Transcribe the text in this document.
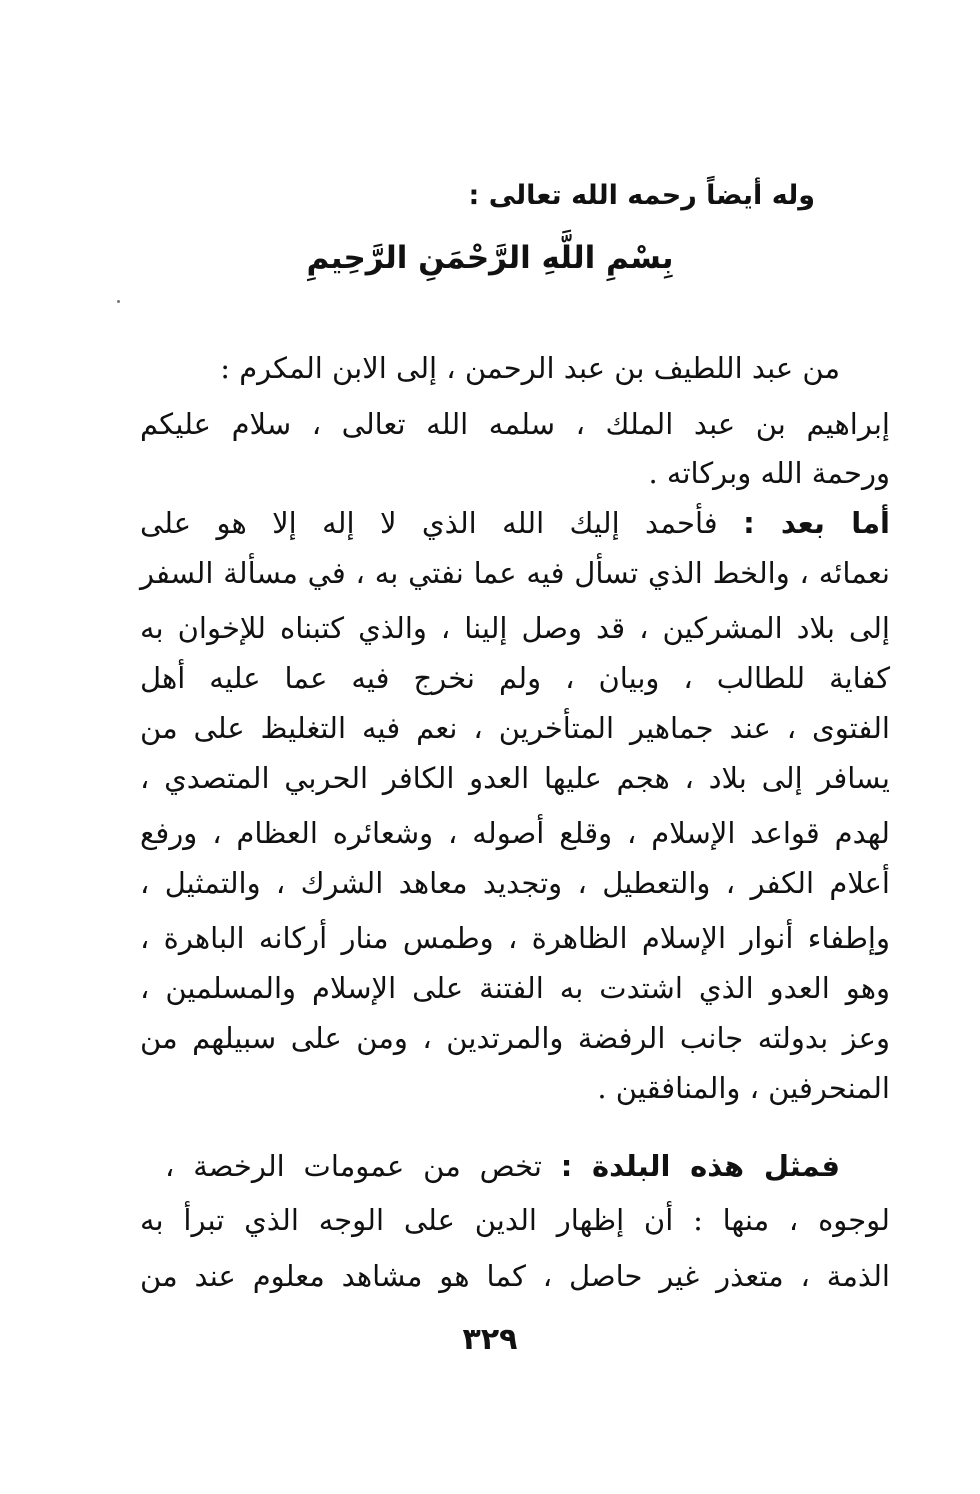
وله أيضاً رحمه الله تعالى :
بِسْمِ اللَّهِ الرَّحْمَنِ الرَّحِيمِ
من عبد اللطيف بن عبد الرحمن ، إلى الابن المكرم :
إبراهيم بن عبد الملك ، سلمه الله تعالى ، سلام عليكم
ورحمة الله وبركاته .
أما بعد : فأحمد إليك الله الذي لا إله إلا هو على
نعمائه ، والخط الذي تسأل فيه عما نفتي به ، في مسألة السفر
إلى بلاد المشركين ، قد وصل إلينا ، والذي كتبناه للإخوان به
كفاية للطالب ، وبيان ، ولم نخرج فيه عما عليه أهل
الفتوى ، عند جماهير المتأخرين ، نعم فيه التغليظ على من
يسافر إلى بلاد ، هجم عليها العدو الكافر الحربي المتصدي ،
لهدم قواعد الإسلام ، وقلع أصوله ، وشعائره العظام ، ورفع
أعلام الكفر ، والتعطيل ، وتجديد معاهد الشرك ، والتمثيل ،
وإطفاء أنوار الإسلام الظاهرة ، وطمس منار أركانه الباهرة ،
وهو العدو الذي اشتدت به الفتنة على الإسلام والمسلمين ،
وعز بدولته جانب الرفضة والمرتدين ، ومن على سبيلهم من
المنحرفين ، والمنافقين .
فمثل هذه البلدة : تخص من عمومات الرخصة ،
لوجوه ، منها : أن إظهار الدين على الوجه الذي تبرأ به
الذمة ، متعذر غير حاصل ، كما هو مشاهد معلوم عند من
٣٢٩
